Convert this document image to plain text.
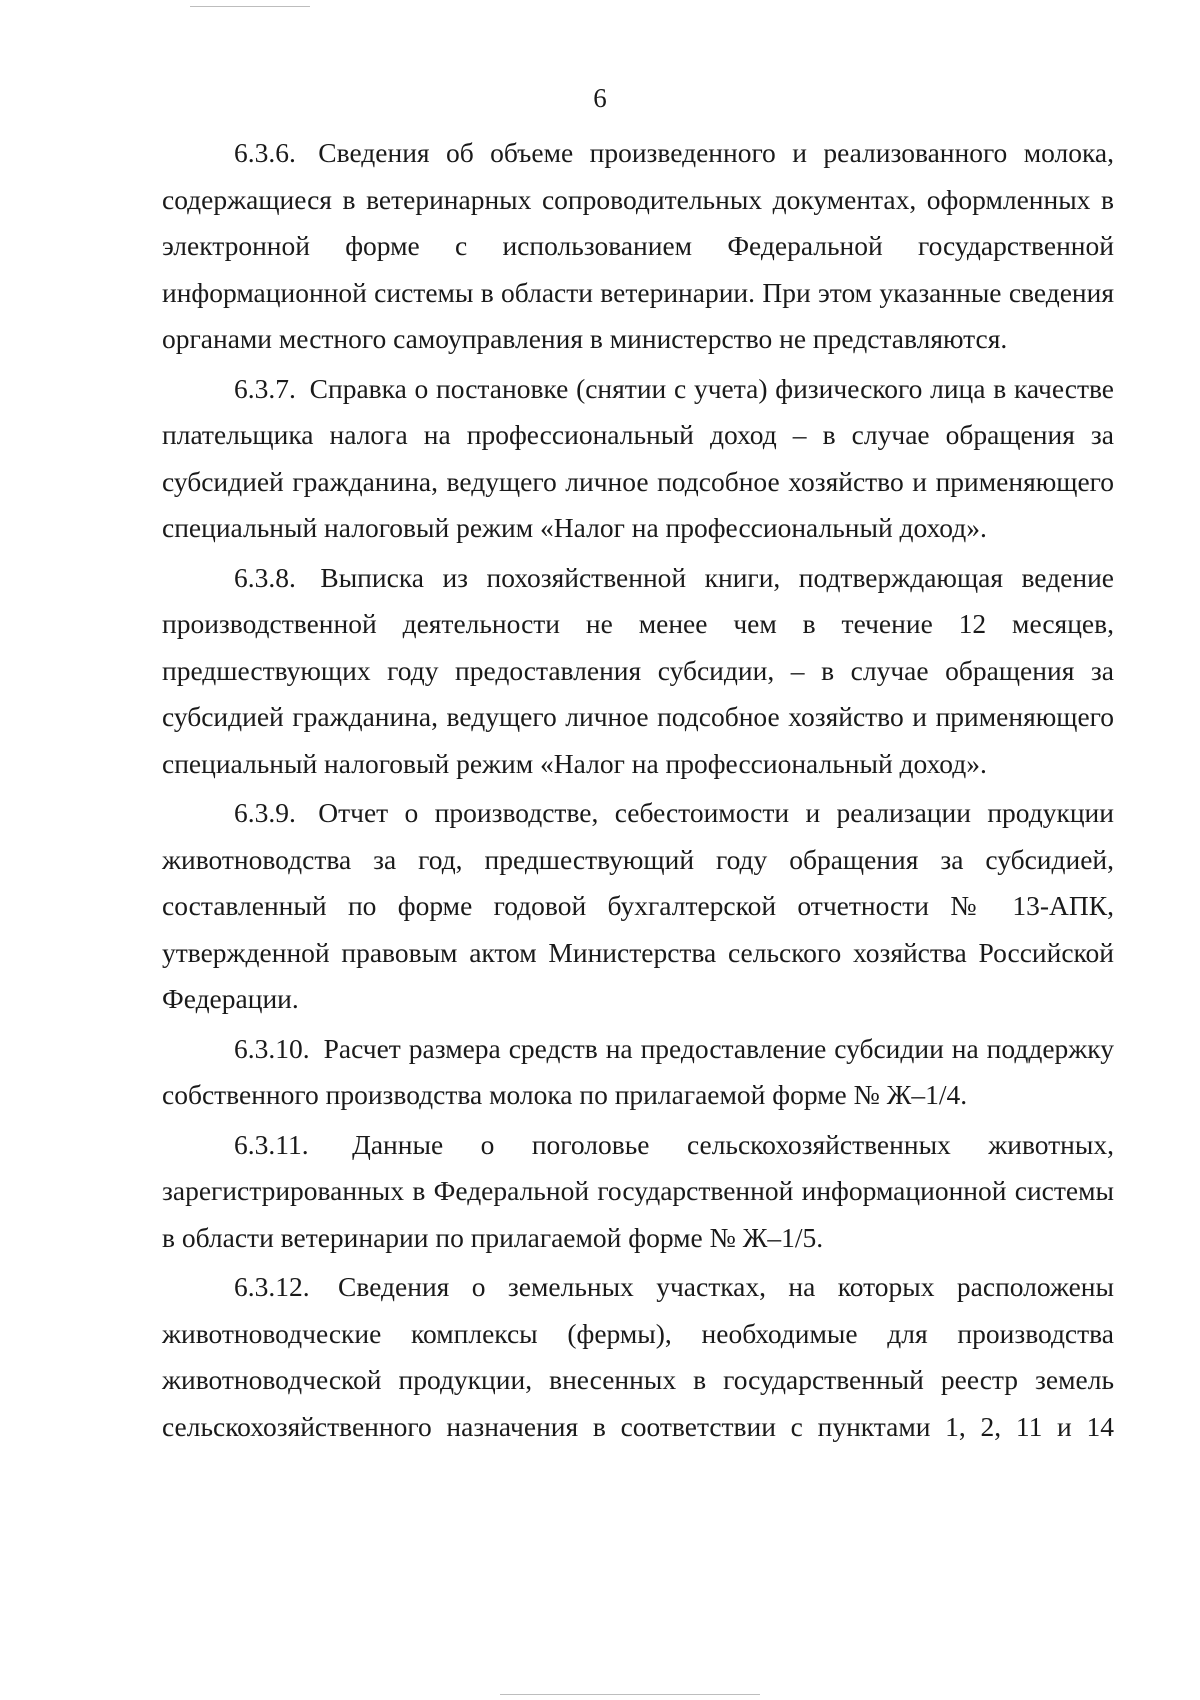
6

6.3.6. Сведения об объеме произведенного и реализованного молока, содержащиеся в ветеринарных сопроводительных документах, оформленных в электронной форме с использованием Федеральной государственной информационной системы в области ветеринарии. При этом указанные сведения органами местного самоуправления в министерство не представляются.

6.3.7. Справка о постановке (снятии с учета) физического лица в качестве плательщика налога на профессиональный доход – в случае обращения за субсидией гражданина, ведущего личное подсобное хозяйство и применяющего специальный налоговый режим «Налог на профессиональный доход».

6.3.8. Выписка из похозяйственной книги, подтверждающая ведение производственной деятельности не менее чем в течение 12 месяцев, предшествующих году предоставления субсидии, – в случае обращения за субсидией гражданина, ведущего личное подсобное хозяйство и применяющего специальный налоговый режим «Налог на профессиональный доход».

6.3.9. Отчет о производстве, себестоимости и реализации продукции животноводства за год, предшествующий году обращения за субсидией, составленный по форме годовой бухгалтерской отчетности № 13-АПК, утвержденной правовым актом Министерства сельского хозяйства Российской Федерации.

6.3.10. Расчет размера средств на предоставление субсидии на поддержку собственного производства молока по прилагаемой форме № Ж–1/4.

6.3.11. Данные о поголовье сельскохозяйственных животных, зарегистрированных в Федеральной государственной информационной системы в области ветеринарии по прилагаемой форме № Ж–1/5.

6.3.12. Сведения о земельных участках, на которых расположены животноводческие комплексы (фермы), необходимые для производства животноводческой продукции, внесенных в государственный реестр земель сельскохозяйственного назначения в соответствии с пунктами 1, 2, 11 и 14
